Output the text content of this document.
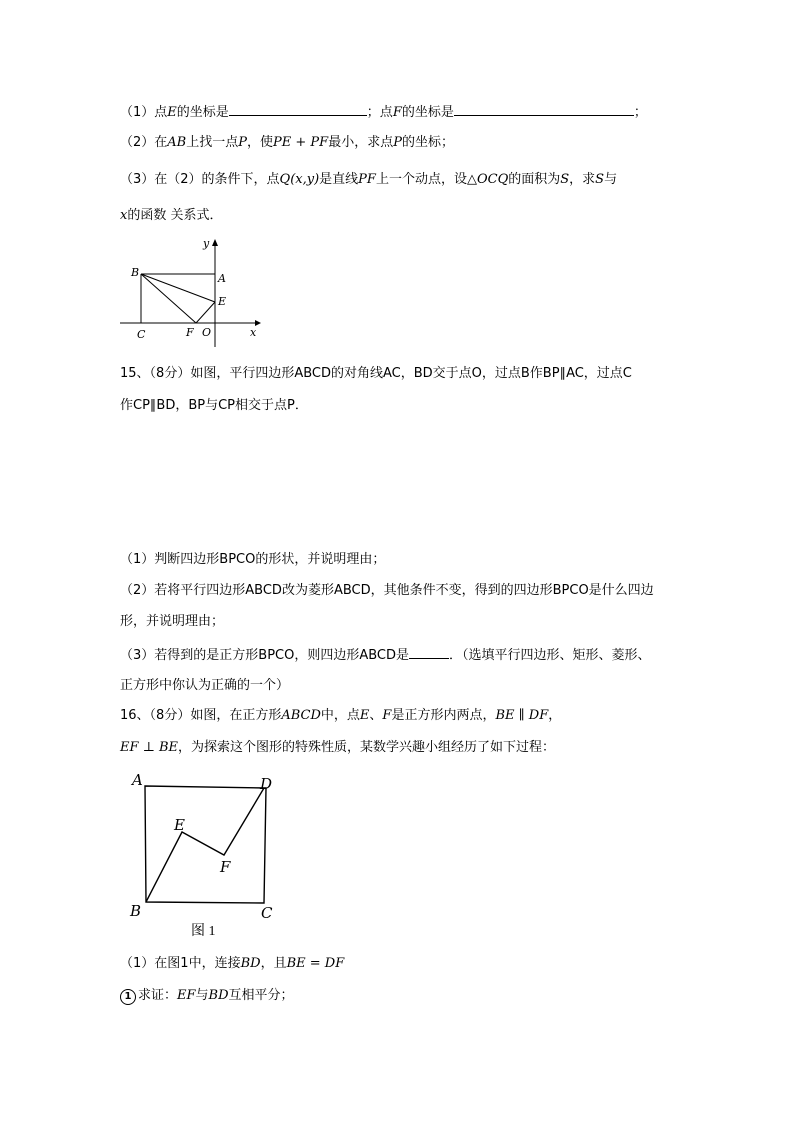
（1）点E的坐标是	；点F的坐标是	；
（2）在AB上找一点P，使PE + PF最小，求点P的坐标；
（3）在（2）的条件下，点Q(x,y)是直线PF上一个动点，设△OCQ的面积为S，求S与
x的函数 关系式．
y
x
B	A
E
C	F O
15、（8分）如图，平行四边形ABCD的对角线AC，BD交于点O，过点B作BP∥AC，过点C
作CP∥BD，BP与CP相交于点P．
（1）判断四边形BPCO的形状，并说明理由；
（2）若将平行四边形ABCD改为菱形ABCD，其他条件不变，得到的四边形BPCO是什么四边
形，并说明理由；
（3）若得到的是正方形BPCO，则四边形ABCD是	．（选填平行四边形、矩形、菱形、
正方形中你认为正确的一个）
16、（8分）如图，在正方形ABCD中，点E、F是正方形内两点，BE ∥ DF，
EF ⊥ BE，为探索这个图形的特殊性质，某数学兴趣小组经历了如下过程：
A	D
E
F
B	C
图 1
（1）在图1中，连接BD，且BE = DF
1 求证：EF与BD互相平分；
